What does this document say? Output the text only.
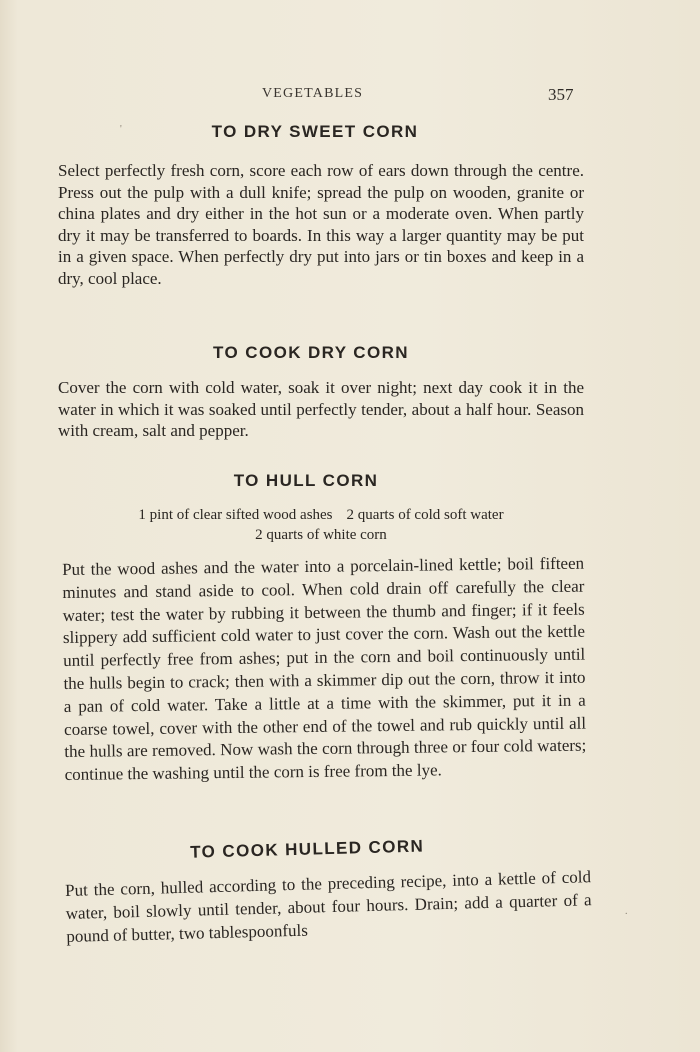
VEGETABLES	357
TO DRY SWEET CORN

Select perfectly fresh corn, score each row of ears down through the centre. Press out the pulp with a dull knife; spread the pulp on wooden, granite or china plates and dry either in the hot sun or a moderate oven. When partly dry it may be transferred to boards. In this way a larger quantity may be put in a given space. When perfectly dry put into jars or tin boxes and keep in a dry, cool place.

TO COOK DRY CORN

Cover the corn with cold water, soak it over night; next day cook it in the water in which it was soaked until perfectly tender, about a half hour. Season with cream, salt and pepper.

TO HULL CORN
1 pint of clear sifted wood ashes 2 quarts of cold soft water
2 quarts of white corn

Put the wood ashes and the water into a porcelain-lined kettle; boil fifteen minutes and stand aside to cool. When cold drain off carefully the clear water; test the water by rubbing it between the thumb and finger; if it feels slippery add sufficient cold water to just cover the corn. Wash out the kettle until perfectly free from ashes; put in the corn and boil continuously until the hulls begin to crack; then with a skimmer dip out the corn, throw it into a pan of cold water. Take a little at a time with the skimmer, put it in a coarse towel, cover with the other end of the towel and rub quickly until all the hulls are removed. Now wash the corn through three or four cold waters; continue the washing until the corn is free from the lye.

TO COOK HULLED CORN

Put the corn, hulled according to the preceding recipe, into a kettle of cold water, boil slowly until tender, about four hours. Drain; add a quarter of a pound of butter, two tablespoonfuls

'
.
